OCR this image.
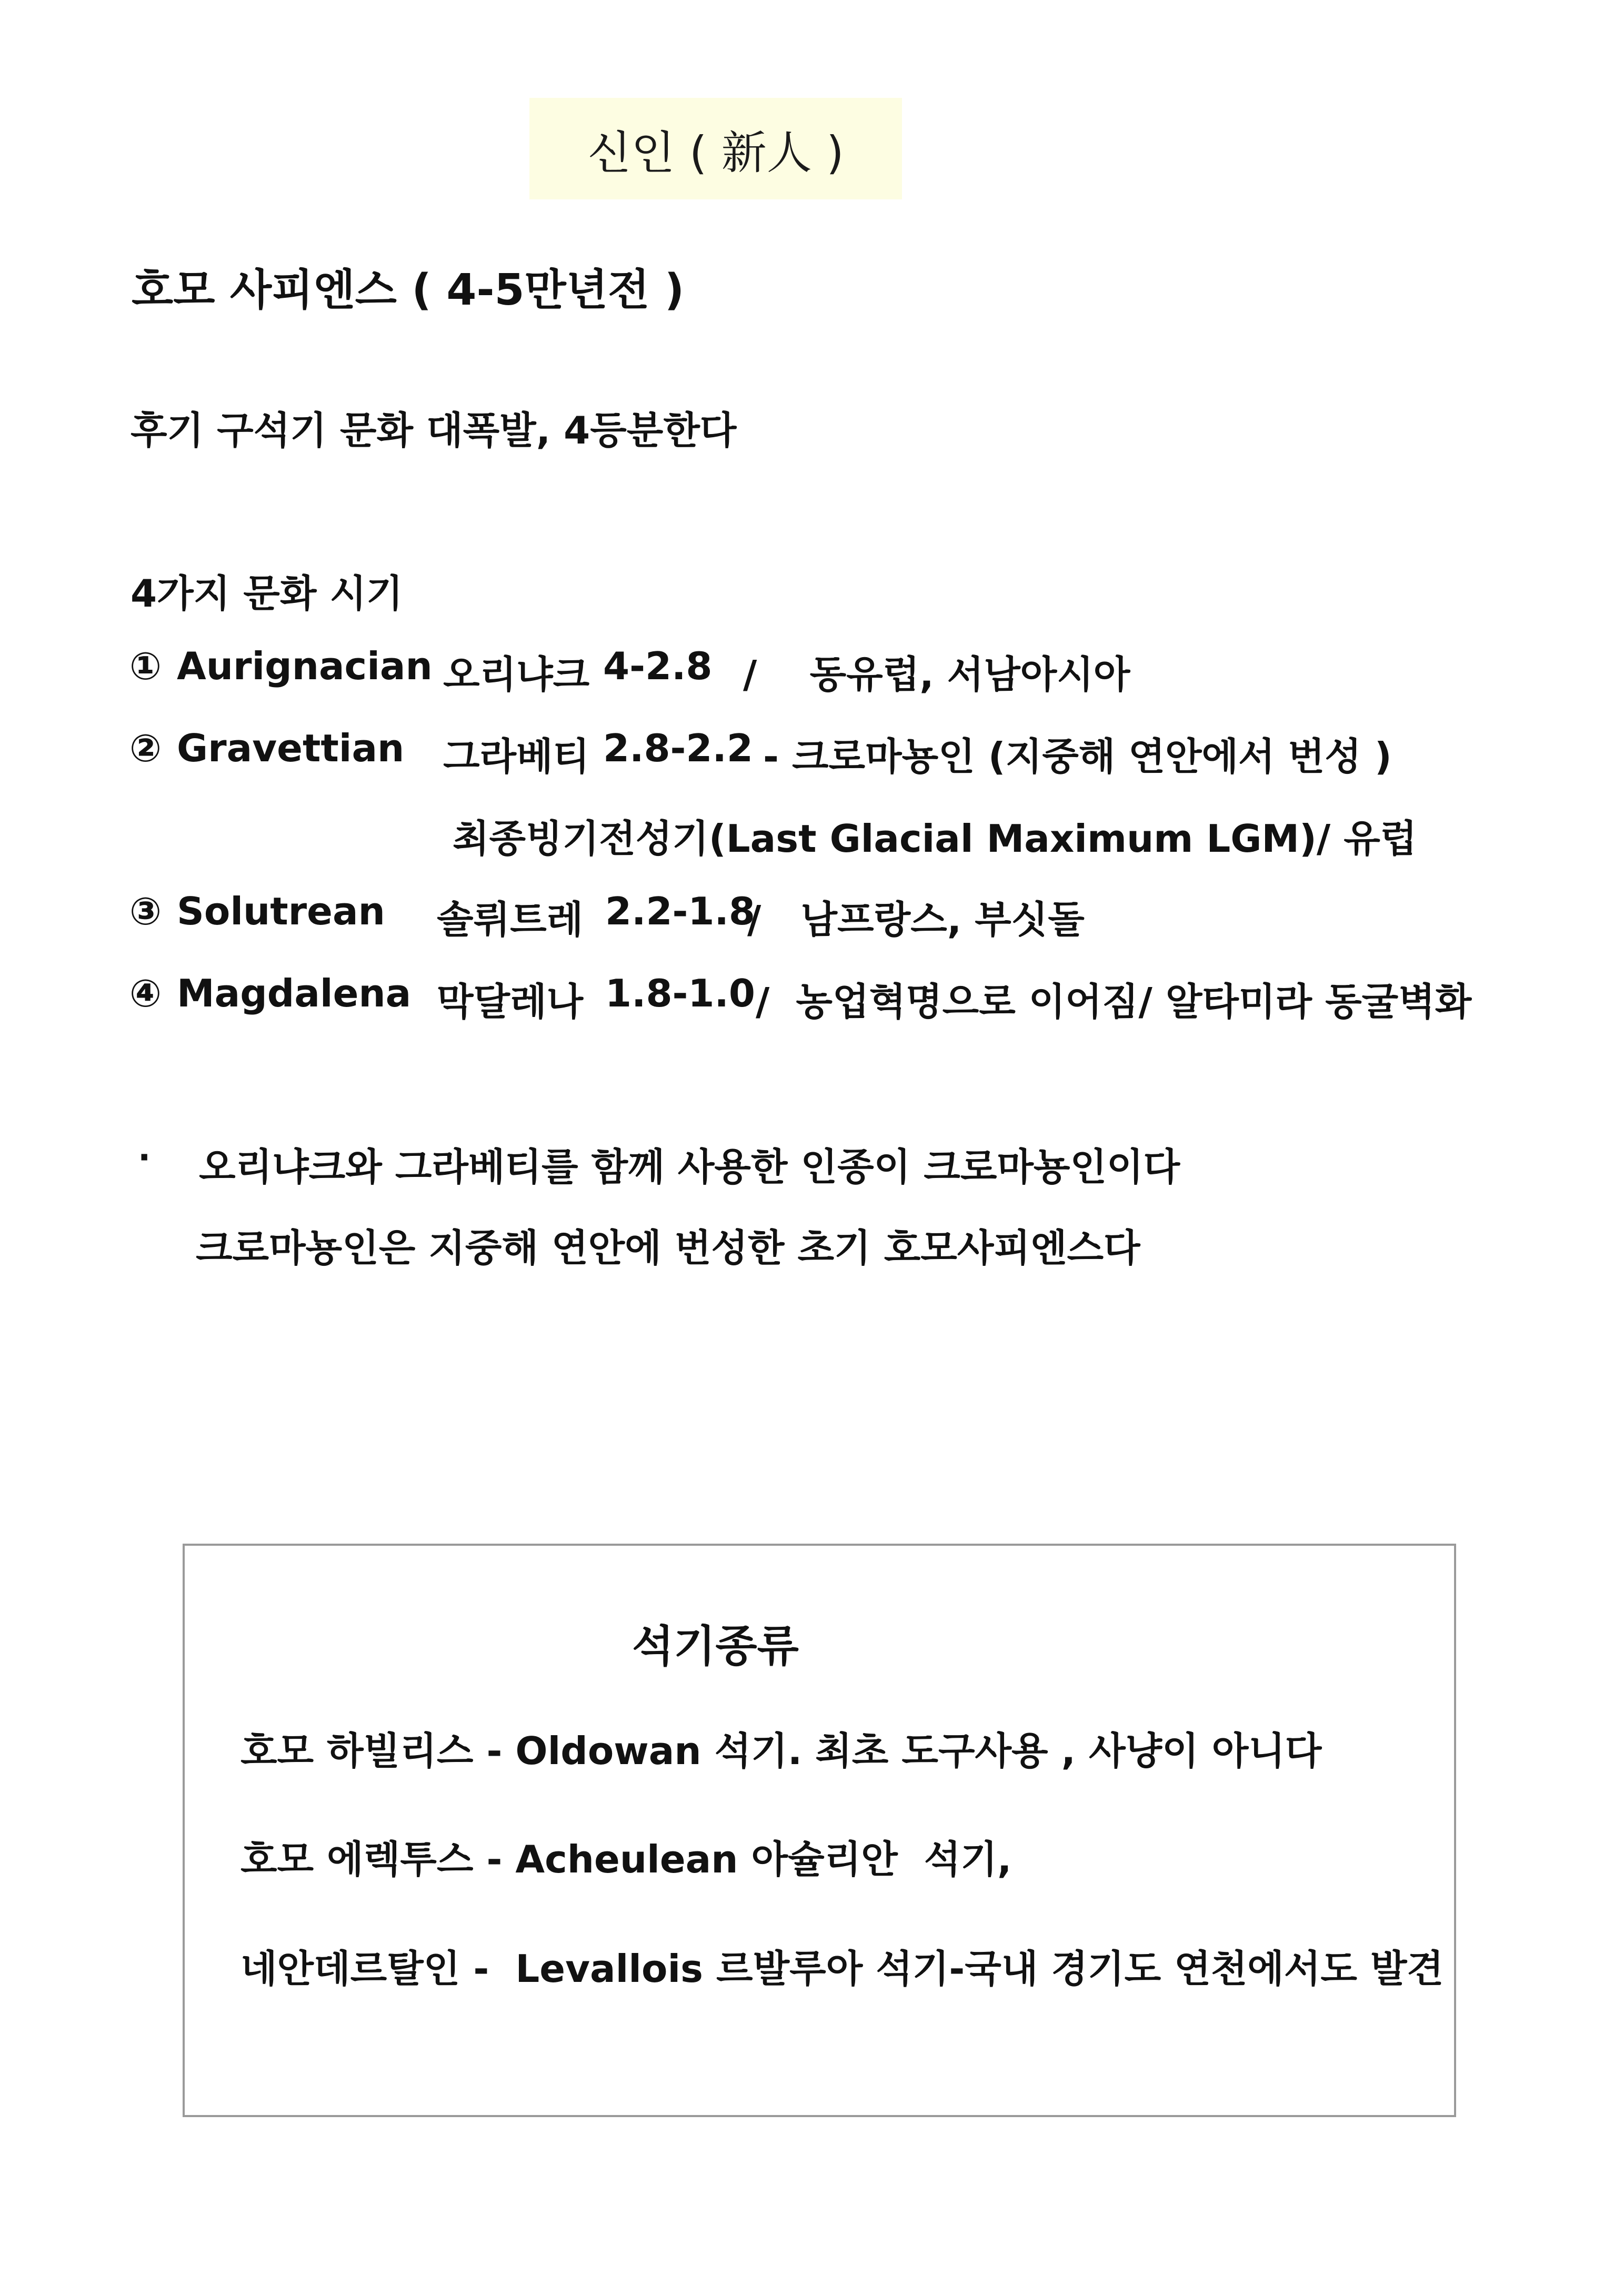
신인 ( 新人 )
호모 사피엔스 ( 4-5만년전 )
후기 구석기 문화 대폭발, 4등분한다
4가지 문화 시기
① Aurignacian 오리냐크 4-2.8 /    동유럽, 서남아시아
② Gravettian 그라베티 2.8-2.2 - 크로마뇽인 (지중해 연안에서 번성 )
최종빙기전성기(Last Glacial Maximum LGM)/ 유럽
③ Solutrean 솔뤼트레 2.2-1.8
/   남프랑스, 부싯돌
④ Magdalena 막달레나 1.8-1.0 /  농업혁명으로 이어짐/ 알타미라 동굴벽화
· 오리냐크와 그라베티를 함께 사용한 인종이 크로마뇽인이다
크로마뇽인은 지중해 연안에 번성한 초기 호모사피엔스다
석기종류
호모 하빌리스 - Oldowan 석기. 최초 도구사용 , 사냥이 아니다
호모 에렉투스 - Acheulean 아슐리안  석기,
네안데르탈인 -  Levallois 르발루아 석기-국내 경기도 연천에서도 발견
